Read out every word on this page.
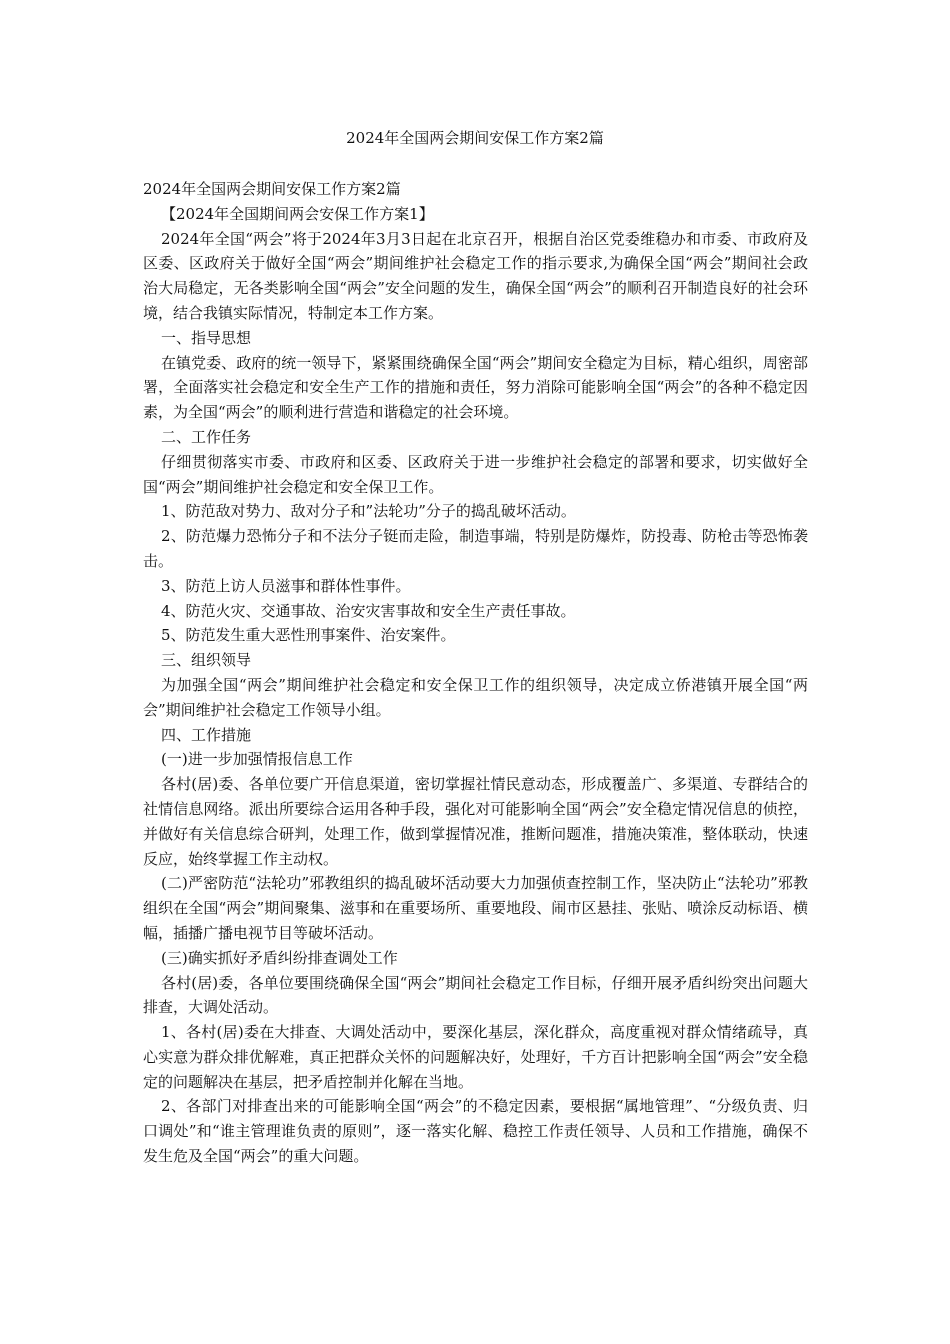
2024年全国两会期间安保工作方案2篇

2024年全国两会期间安保工作方案2篇

【2024年全国期间两会安保工作方案1】

2024年全国“两会”将于2024年3月3日起在北京召开，根据自治区党委维稳办和市委、市政府及区委、区政府关于做好全国“两会”期间维护社会稳定工作的指示要求,为确保全国“两会”期间社会政治大局稳定，无各类影响全国“两会”安全问题的发生，确保全国“两会”的顺利召开制造良好的社会环境，结合我镇实际情况，特制定本工作方案。

一、指导思想

在镇党委、政府的统一领导下，紧紧围绕确保全国“两会”期间安全稳定为目标，精心组织，周密部署，全面落实社会稳定和安全生产工作的措施和责任，努力消除可能影响全国“两会”的各种不稳定因素，为全国“两会”的顺利进行营造和谐稳定的社会环境。

二、工作任务

仔细贯彻落实市委、市政府和区委、区政府关于进一步维护社会稳定的部署和要求，切实做好全国“两会”期间维护社会稳定和安全保卫工作。

1、防范敌对势力、敌对分子和”法轮功”分子的捣乱破坏活动。

2、防范爆力恐怖分子和不法分子铤而走险，制造事端，特别是防爆炸，防投毒、防枪击等恐怖袭击。

3、防范上访人员滋事和群体性事件。

4、防范火灾、交通事故、治安灾害事故和安全生产责任事故。

5、防范发生重大恶性刑事案件、治安案件。

三、组织领导

为加强全国“两会”期间维护社会稳定和安全保卫工作的组织领导，决定成立侨港镇开展全国“两会”期间维护社会稳定工作领导小组。

四、工作措施

(一)进一步加强情报信息工作

各村(居)委、各单位要广开信息渠道，密切掌握社情民意动态，形成覆盖广、多渠道、专群结合的社情信息网络。派出所要综合运用各种手段，强化对可能影响全国“两会”安全稳定情况信息的侦控，并做好有关信息综合研判，处理工作，做到掌握情况准，推断问题准，措施决策准，整体联动，快速反应，始终掌握工作主动权。

(二)严密防范“法轮功”邪教组织的捣乱破坏活动要大力加强侦查控制工作，坚决防止“法轮功”邪教组织在全国“两会”期间聚集、滋事和在重要场所、重要地段、闹市区悬挂、张贴、喷涂反动标语、横幅，插播广播电视节目等破坏活动。

(三)确实抓好矛盾纠纷排查调处工作

各村(居)委，各单位要围绕确保全国“两会”期间社会稳定工作目标，仔细开展矛盾纠纷突出问题大排查，大调处活动。

1、各村(居)委在大排查、大调处活动中，要深化基层，深化群众，高度重视对群众情绪疏导，真心实意为群众排优解难，真正把群众关怀的问题解决好，处理好，千方百计把影响全国“两会”安全稳定的问题解决在基层，把矛盾控制并化解在当地。

2、各部门对排查出来的可能影响全国“两会”的不稳定因素，要根据“属地管理”、“分级负责、归口调处”和“谁主管理谁负责的原则”，逐一落实化解、稳控工作责任领导、人员和工作措施，确保不发生危及全国“两会”的重大问题。
